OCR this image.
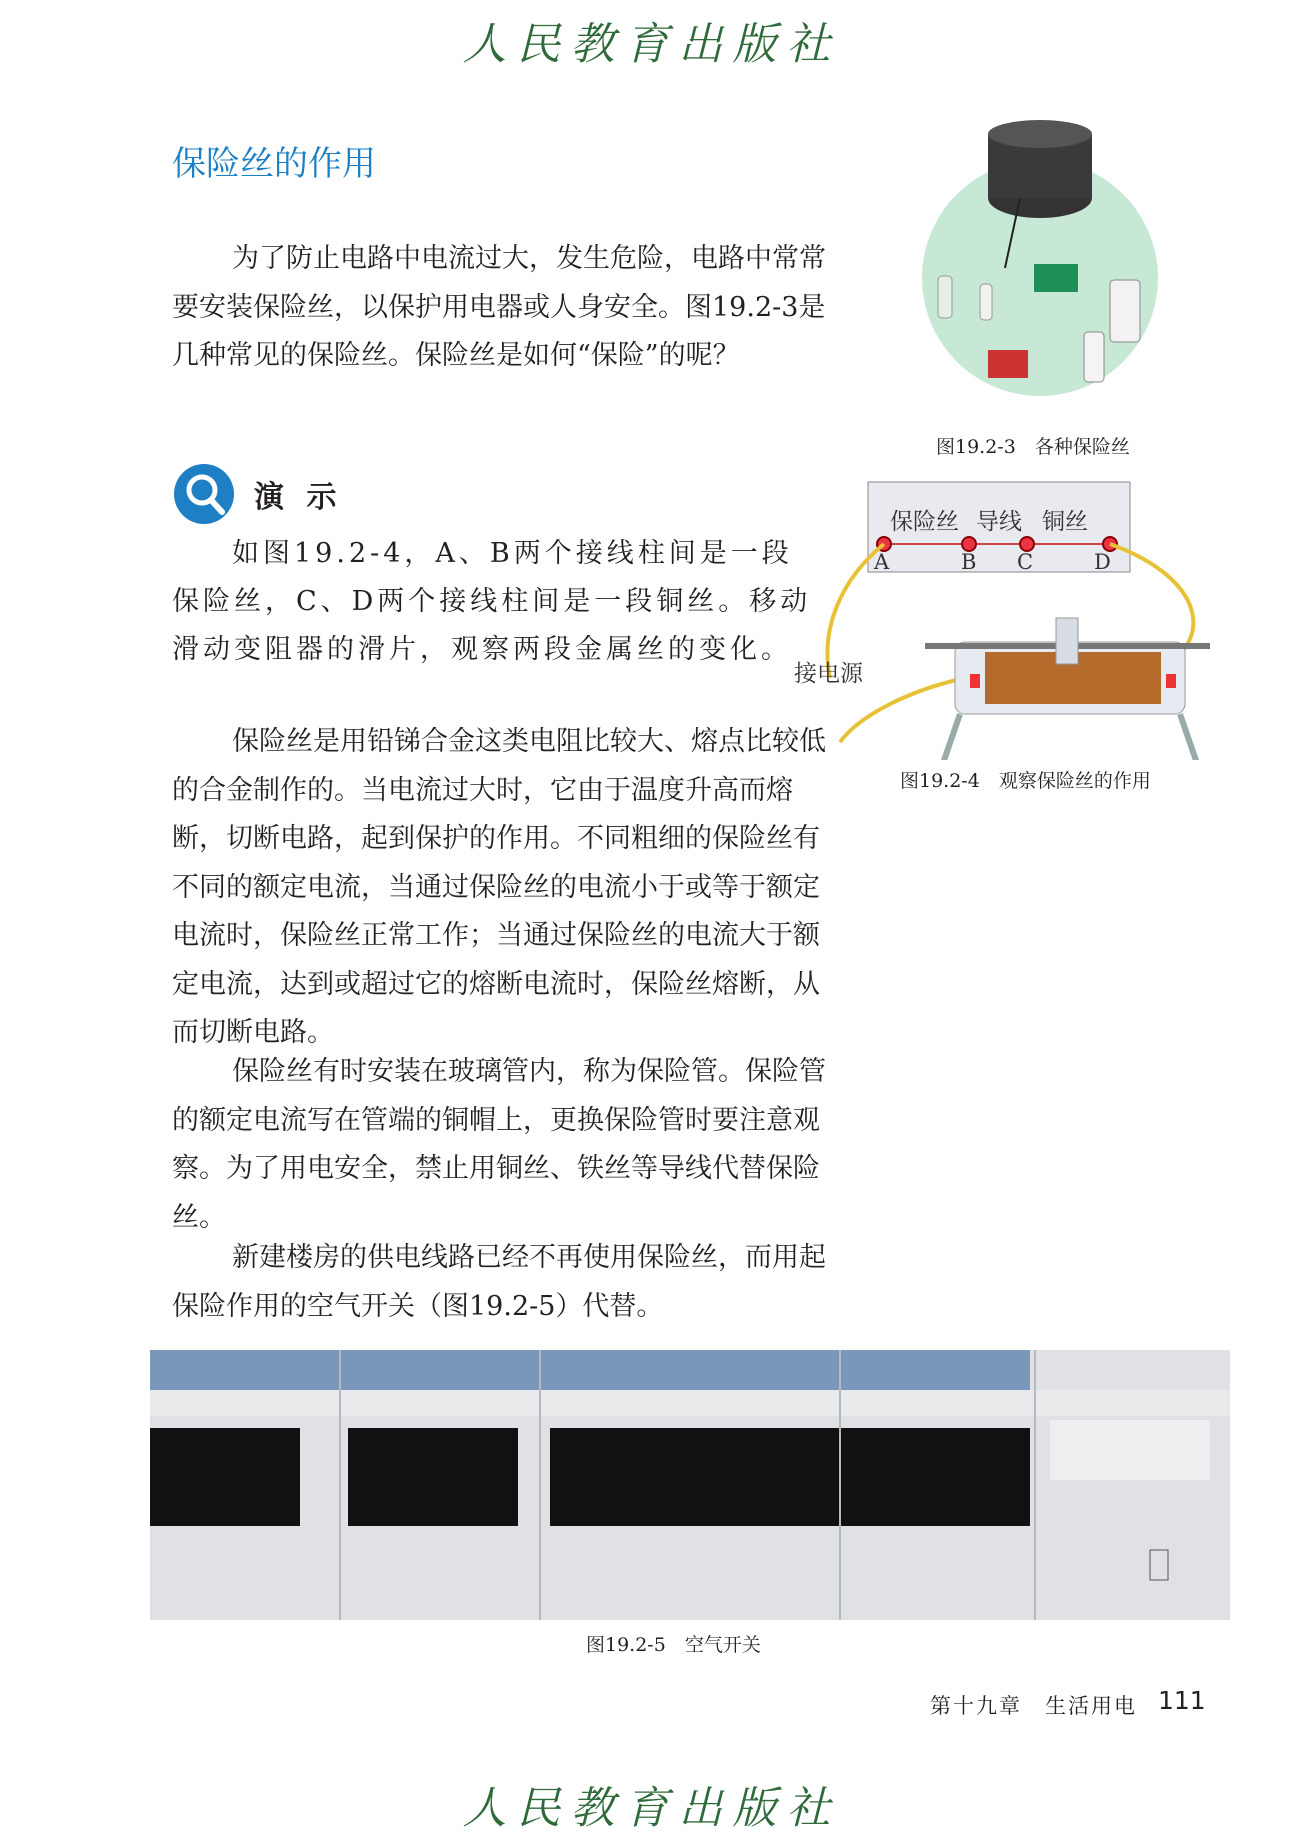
人民教育出版社
保险丝的作用

为了防止电路中电流过大，发生危险，电路中常常要安装保险丝，以保护用电器或人身安全。图19.2-3是几种常见的保险丝。保险丝是如何“保险”的呢？

图19.2-3　各种保险丝
演 示

如图19.2-4，A、B两个接线柱间是一段保险丝，C、D两个接线柱间是一段铜丝。移动滑动变阻器的滑片，观察两段金属丝的变化。

保险丝 导线 铜丝
A	B C	D
接电源
图19.2-4　观察保险丝的作用

保险丝是用铅锑合金这类电阻比较大、熔点比较低的合金制作的。当电流过大时，它由于温度升高而熔断，切断电路，起到保护的作用。不同粗细的保险丝有不同的额定电流，当通过保险丝的电流小于或等于额定电流时，保险丝正常工作；当通过保险丝的电流大于额定电流，达到或超过它的熔断电流时，保险丝熔断，从而切断电路。

保险丝有时安装在玻璃管内，称为保险管。保险管的额定电流写在管端的铜帽上，更换保险管时要注意观察。为了用电安全，禁止用铜丝、铁丝等导线代替保险丝。

新建楼房的供电线路已经不再使用保险丝，而用起保险作用的空气开关（图19.2-5）代替。

图19.2-5　空气开关
第十九章　生活用电 111
人民教育出版社
